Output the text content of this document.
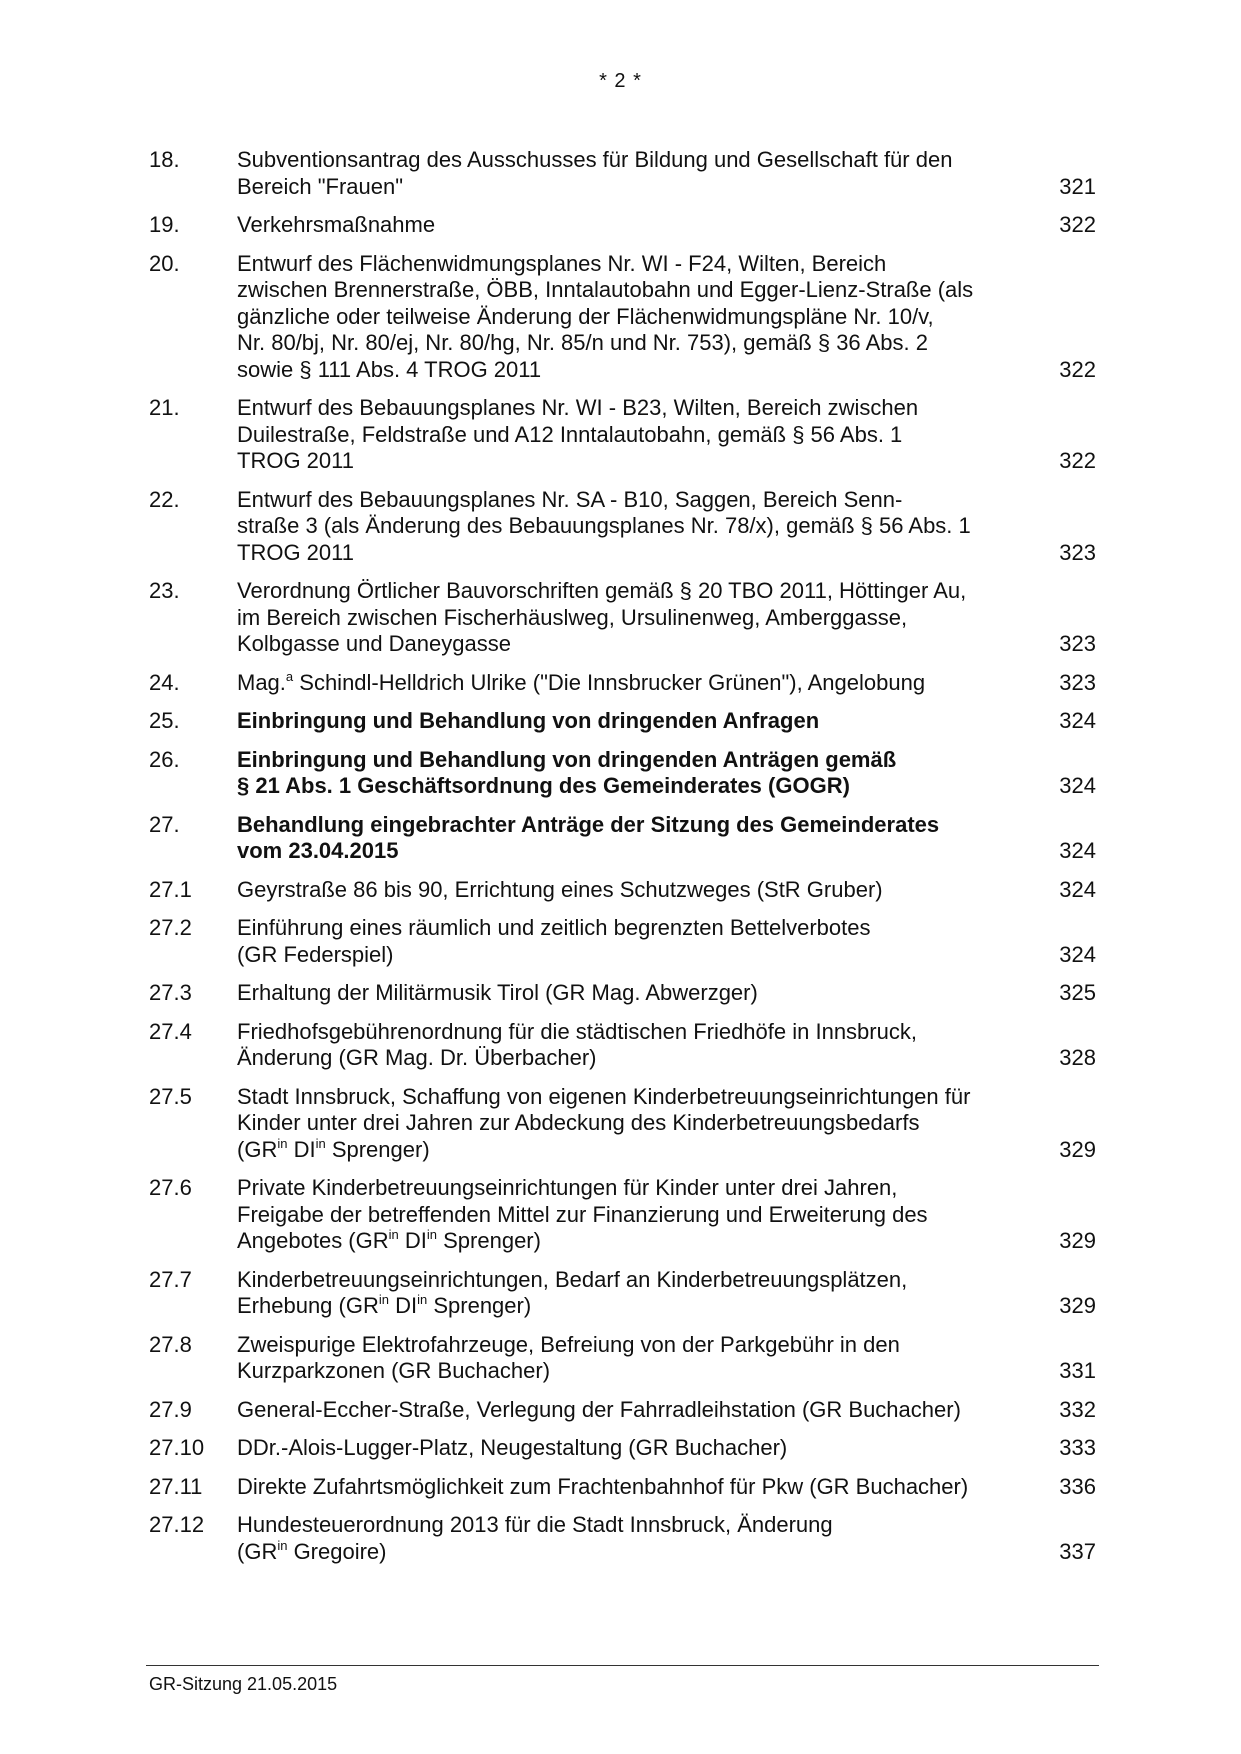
* 2 *
18.	Subventionsantrag des Ausschusses für Bildung und Gesellschaft für den
Bereich "Frauen"	321
19.	Verkehrsmaßnahme	322
20.	Entwurf des Flächenwidmungsplanes Nr. WI - F24, Wilten, Bereich
zwischen Brennerstraße, ÖBB, Inntalautobahn und Egger-Lienz-Straße (als
gänzliche oder teilweise Änderung der Flächenwidmungspläne Nr. 10/v,
Nr. 80/bj, Nr. 80/ej, Nr. 80/hg, Nr. 85/n und Nr. 753), gemäß § 36 Abs. 2
sowie § 111 Abs. 4 TROG 2011	322
21.	Entwurf des Bebauungsplanes Nr. WI - B23, Wilten, Bereich zwischen
Duilestraße, Feldstraße und A12 Inntalautobahn, gemäß § 56 Abs. 1
TROG 2011	322
22.	Entwurf des Bebauungsplanes Nr. SA - B10, Saggen, Bereich Senn-
straße 3 (als Änderung des Bebauungsplanes Nr. 78/x), gemäß § 56 Abs. 1
TROG 2011	323
23.	Verordnung Örtlicher Bauvorschriften gemäß § 20 TBO 2011, Höttinger Au,
im Bereich zwischen Fischerhäuslweg, Ursulinenweg, Amberggasse,
Kolbgasse und Daneygasse	323
24.	Mag.$^a$ Schindl-Helldrich Ulrike ("Die Innsbrucker Grünen"), Angelobung	323
25.	Einbringung und Behandlung von dringenden Anfragen	324
26.	Einbringung und Behandlung von dringenden Anträgen gemäß
§ 21 Abs. 1 Geschäftsordnung des Gemeinderates (GOGR)	324
27.	Behandlung eingebrachter Anträge der Sitzung des Gemeinderates
vom 23.04.2015	324
27.1	Geyrstraße 86 bis 90, Errichtung eines Schutzweges (StR Gruber)	324
27.2	Einführung eines räumlich und zeitlich begrenzten Bettelverbotes
(GR Federspiel)	324
27.3	Erhaltung der Militärmusik Tirol (GR Mag. Abwerzger)	325
27.4	Friedhofsgebührenordnung für die städtischen Friedhöfe in Innsbruck,
Änderung (GR Mag. Dr. Überbacher)	328
27.5	Stadt Innsbruck, Schaffung von eigenen Kinderbetreuungseinrichtungen für
Kinder unter drei Jahren zur Abdeckung des Kinderbetreuungsbedarfs
($GR^{in}$ $DI^{in}$ Sprenger)	329
27.6	Private Kinderbetreuungseinrichtungen für Kinder unter drei Jahren,
Freigabe der betreffenden Mittel zur Finanzierung und Erweiterung des
Angebotes ($GR^{in}$ $DI^{in}$ Sprenger)	329
27.7	Kinderbetreuungseinrichtungen, Bedarf an Kinderbetreuungsplätzen,
Erhebung ($GR^{in}$ $DI^{in}$ Sprenger)	329
27.8	Zweispurige Elektrofahrzeuge, Befreiung von der Parkgebühr in den
Kurzparkzonen (GR Buchacher)	331
27.9	General-Eccher-Straße, Verlegung der Fahrradleihstation (GR Buchacher)	332
27.10	DDr.-Alois-Lugger-Platz, Neugestaltung (GR Buchacher)	333
27.11	Direkte Zufahrtsmöglichkeit zum Frachtenbahnhof für Pkw (GR Buchacher)	336
27.12	Hundesteuerordnung 2013 für die Stadt Innsbruck, Änderung
($GR^{in}$ Gregoire)	337
GR-Sitzung 21.05.2015
